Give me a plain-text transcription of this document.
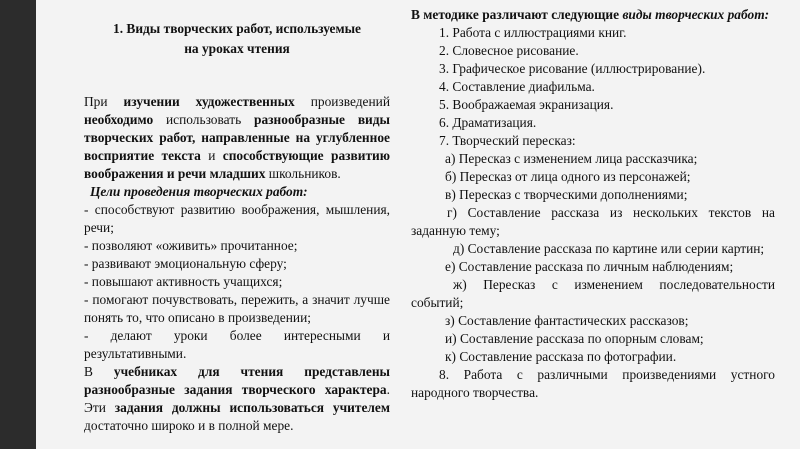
1. Виды творческих работ, используемые
на уроках чтения

При изучении художественных произведений необходимо использовать разнообразные виды творческих работ, направленные на углубленное восприятие текста и способствующие развитию воображения и речи младших школьников.

Цели проведения творческих работ:

- способствуют развитию воображения, мышления, речи;

- позволяют «оживить» прочитанное;

- развивают эмоциональную сферу;

- повышают активность учащихся;

- помогают почувствовать, пережить, а значит лучше понять то, что описано в произведении;

- делают уроки более интересными и результативными.

В учебниках для чтения представлены разнообразные задания творческого характера. Эти задания должны использоваться учителем достаточно широко и в полной мере.

В методике различают следующие виды творческих работ:

1. Работа с иллюстрациями книг.

2. Словесное рисование.

3. Графическое рисование (иллюстрирование).

4. Составление диафильма.

5. Воображаемая экранизация.

6. Драматизация.

7. Творческий пересказ:

а) Пересказ с изменением лица рассказчика;

б) Пересказ от лица одного из персонажей;

в) Пересказ с творческими дополнениями;

г) Составление рассказа из нескольких текстов на заданную тему;

д) Составление рассказа по картине или серии картин;

е) Составление рассказа по личным наблюдениям;

ж) Пересказ с изменением последовательности событий;

з) Составление фантастических рассказов;

и) Составление рассказа по опорным словам;

к) Составление рассказа по фотографии.

8. Работа с различными произведениями устного народного творчества.
